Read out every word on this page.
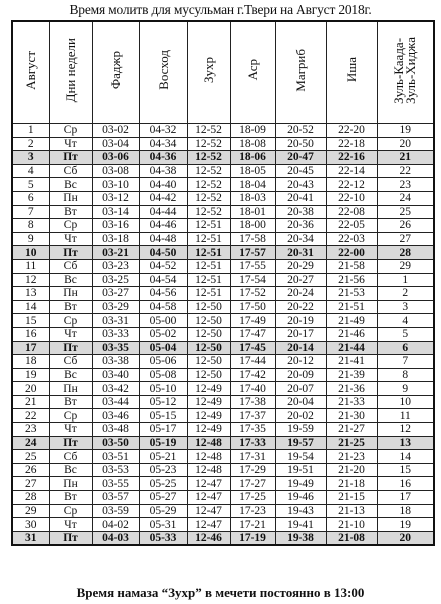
Время молитв для мусульман г.Твери на Август 2018г.
Август	Дни недели	Фаджр	Восход	Зухр	Аср	Магриб	Иша	Зуль-Каада-
Зуль-Хиджа
1	Ср	03-02	04-32	12-52	18-09	20-52	22-20	19
2	Чт	03-04	04-34	12-52	18-08	20-50	22-18	20
3	Пт	03-06	04-36	12-52	18-06	20-47	22-16	21
4	Сб	03-08	04-38	12-52	18-05	20-45	22-14	22
5	Вс	03-10	04-40	12-52	18-04	20-43	22-12	23
6	Пн	03-12	04-42	12-52	18-03	20-41	22-10	24
7	Вт	03-14	04-44	12-52	18-01	20-38	22-08	25
8	Ср	03-16	04-46	12-51	18-00	20-36	22-05	26
9	Чт	03-18	04-48	12-51	17-58	20-34	22-03	27
10	Пт	03-21	04-50	12-51	17-57	20-31	22-00	28
11	Сб	03-23	04-52	12-51	17-55	20-29	21-58	29
12	Вс	03-25	04-54	12-51	17-54	20-27	21-56	1
13	Пн	03-27	04-56	12-51	17-52	20-24	21-53	2
14	Вт	03-29	04-58	12-50	17-50	20-22	21-51	3
15	Ср	03-31	05-00	12-50	17-49	20-19	21-49	4
16	Чт	03-33	05-02	12-50	17-47	20-17	21-46	5
17	Пт	03-35	05-04	12-50	17-45	20-14	21-44	6
18	Сб	03-38	05-06	12-50	17-44	20-12	21-41	7
19	Вс	03-40	05-08	12-50	17-42	20-09	21-39	8
20	Пн	03-42	05-10	12-49	17-40	20-07	21-36	9
21	Вт	03-44	05-12	12-49	17-38	20-04	21-33	10
22	Ср	03-46	05-15	12-49	17-37	20-02	21-30	11
23	Чт	03-48	05-17	12-49	17-35	19-59	21-27	12
24	Пт	03-50	05-19	12-48	17-33	19-57	21-25	13
25	Сб	03-51	05-21	12-48	17-31	19-54	21-23	14
26	Вс	03-53	05-23	12-48	17-29	19-51	21-20	15
27	Пн	03-55	05-25	12-47	17-27	19-49	21-18	16
28	Вт	03-57	05-27	12-47	17-25	19-46	21-15	17
29	Ср	03-59	05-29	12-47	17-23	19-43	21-13	18
30	Чт	04-02	05-31	12-47	17-21	19-41	21-10	19
31	Пт	04-03	05-33	12-46	17-19	19-38	21-08	20
Время намаза “Зухр” в мечети постоянно в 13:00
